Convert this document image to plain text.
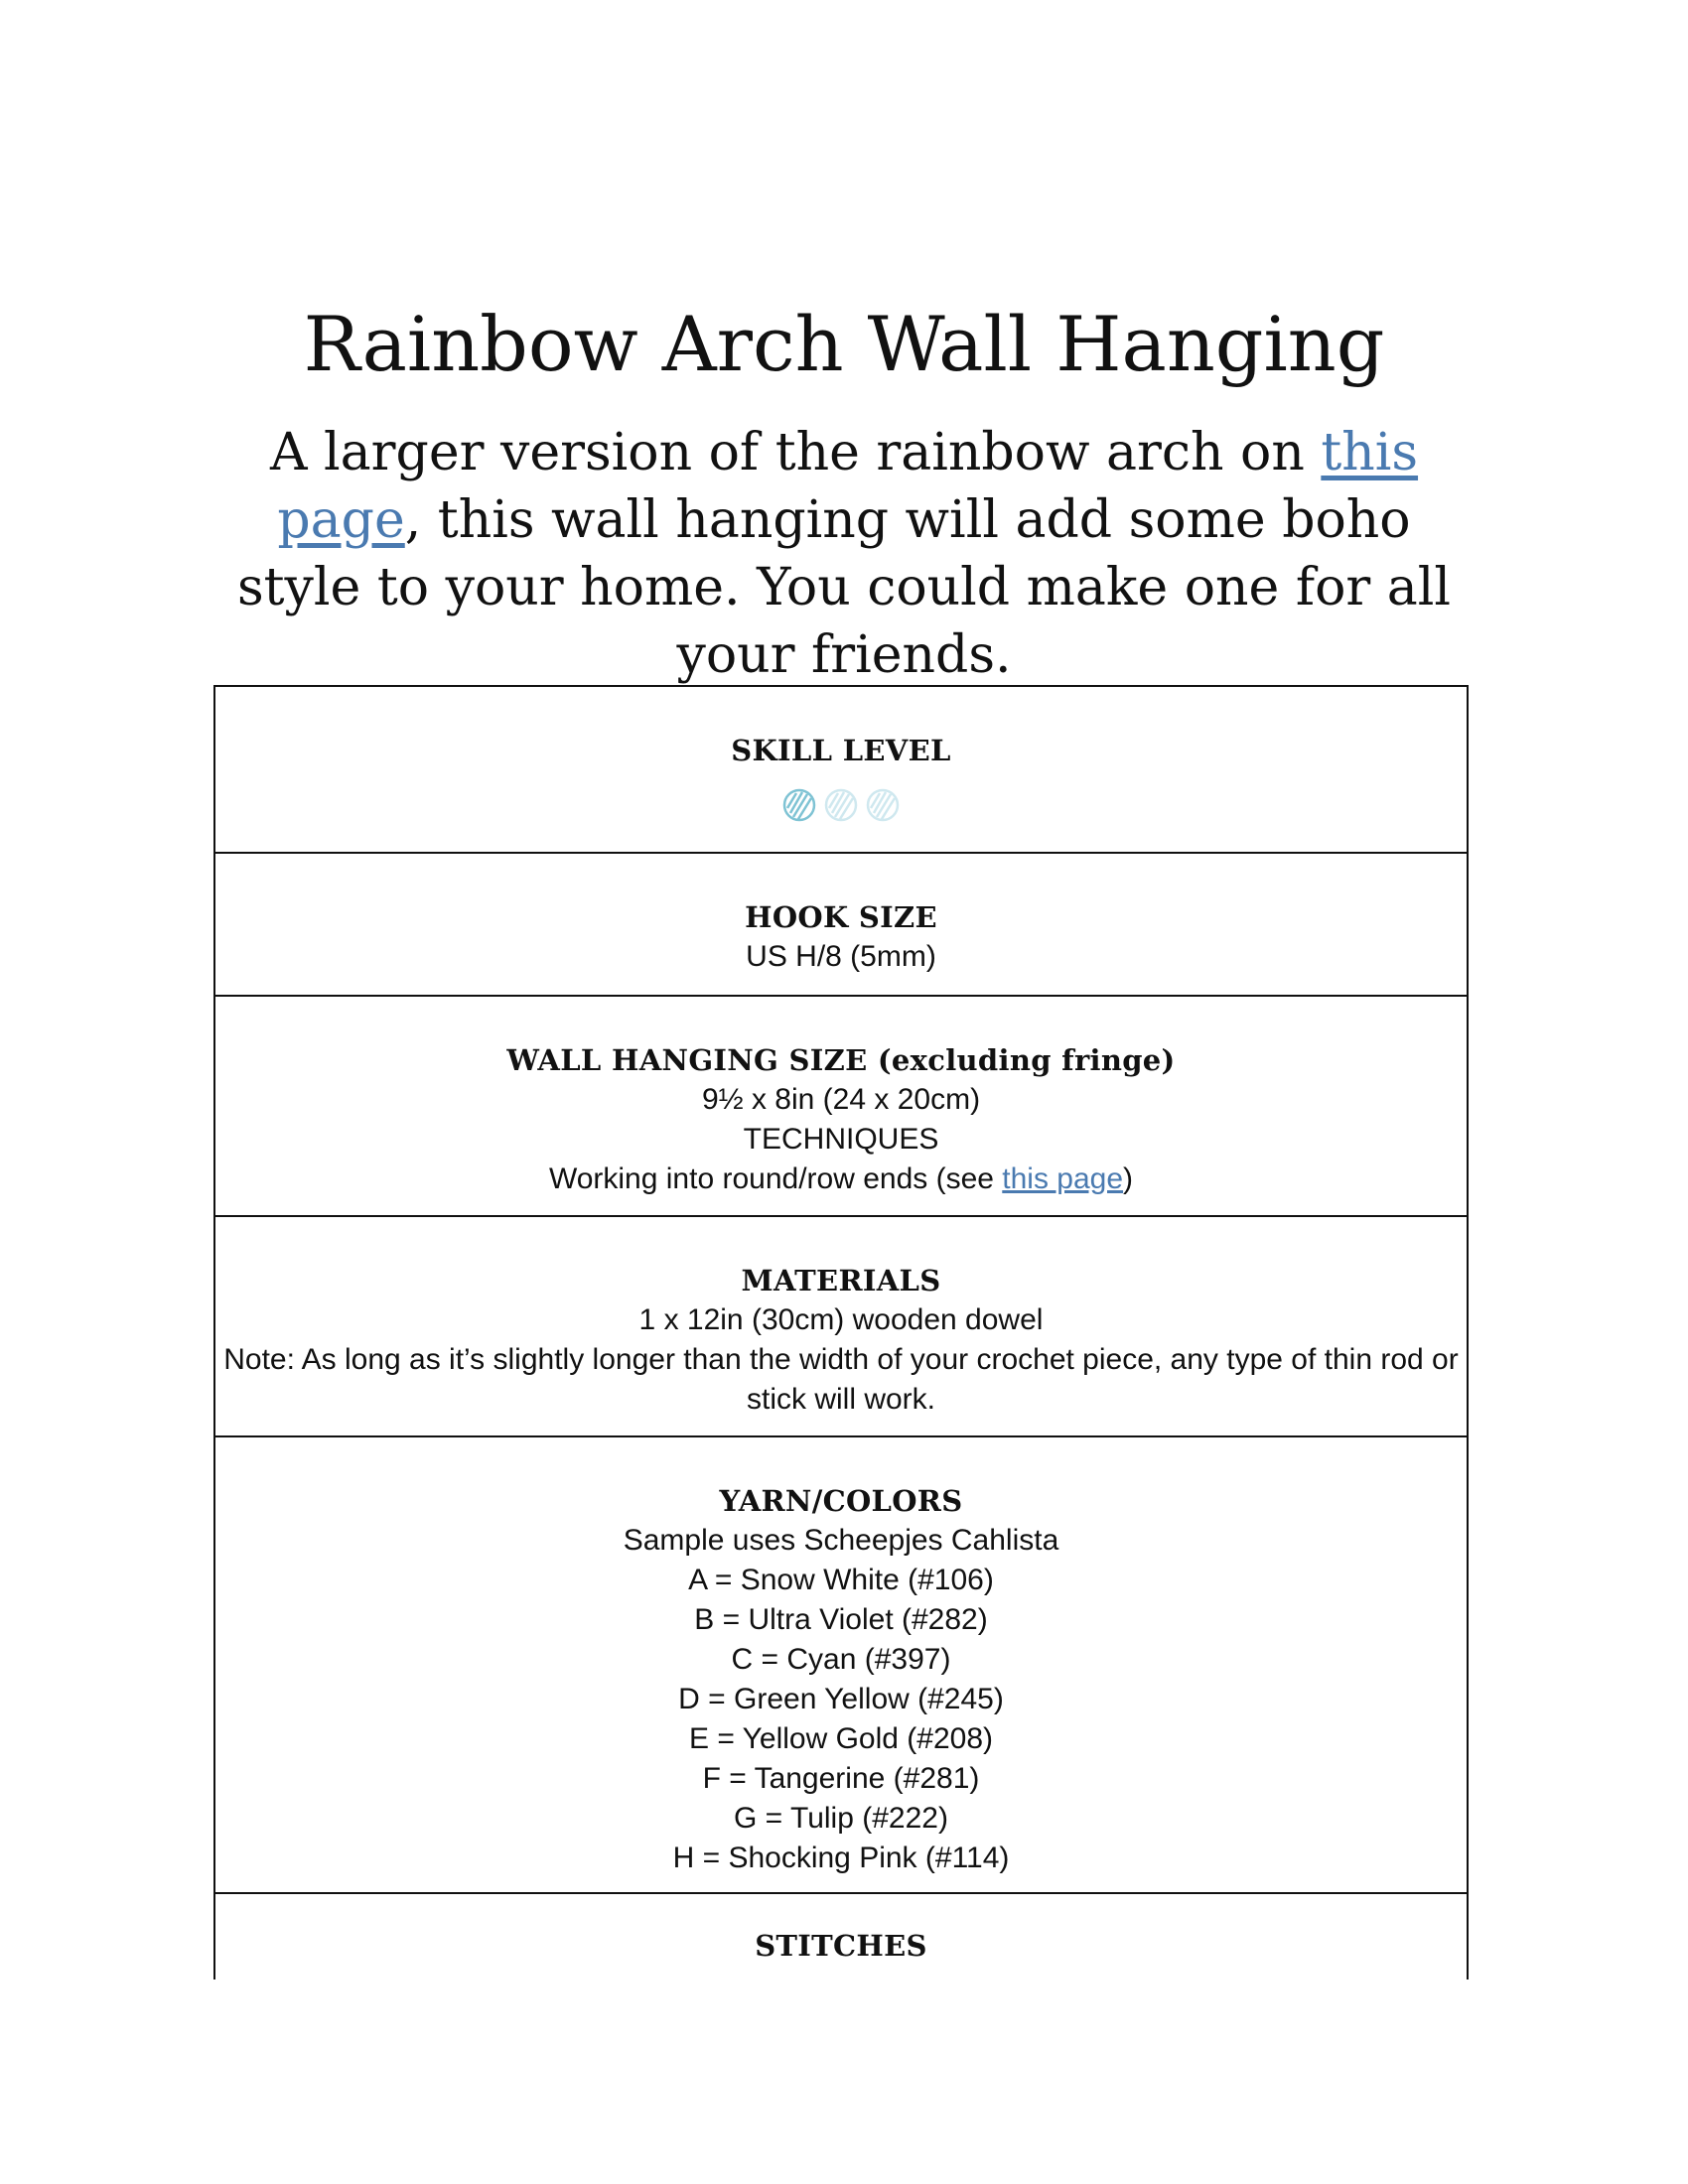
Rainbow Arch Wall Hanging

A larger version of the rainbow arch on this page, this wall hanging will add some boho style to your home. You could make one for all your friends.

SKILL LEVEL
HOOK SIZE
US H/8 (5mm)
WALL HANGING SIZE (excluding fringe)
9½ x 8in (24 x 20cm)
TECHNIQUES
Working into round/row ends (see this page)
MATERIALS
1 x 12in (30cm) wooden dowel
Note: As long as it’s slightly longer than the width of your crochet piece, any type of thin rod or stick will work.
YARN/COLORS
Sample uses Scheepjes Cahlista
A = Snow White (#106)
B = Ultra Violet (#282)
C = Cyan (#397)
D = Green Yellow (#245)
E = Yellow Gold (#208)
F = Tangerine (#281)
G = Tulip (#222)
H = Shocking Pink (#114)
STITCHES
